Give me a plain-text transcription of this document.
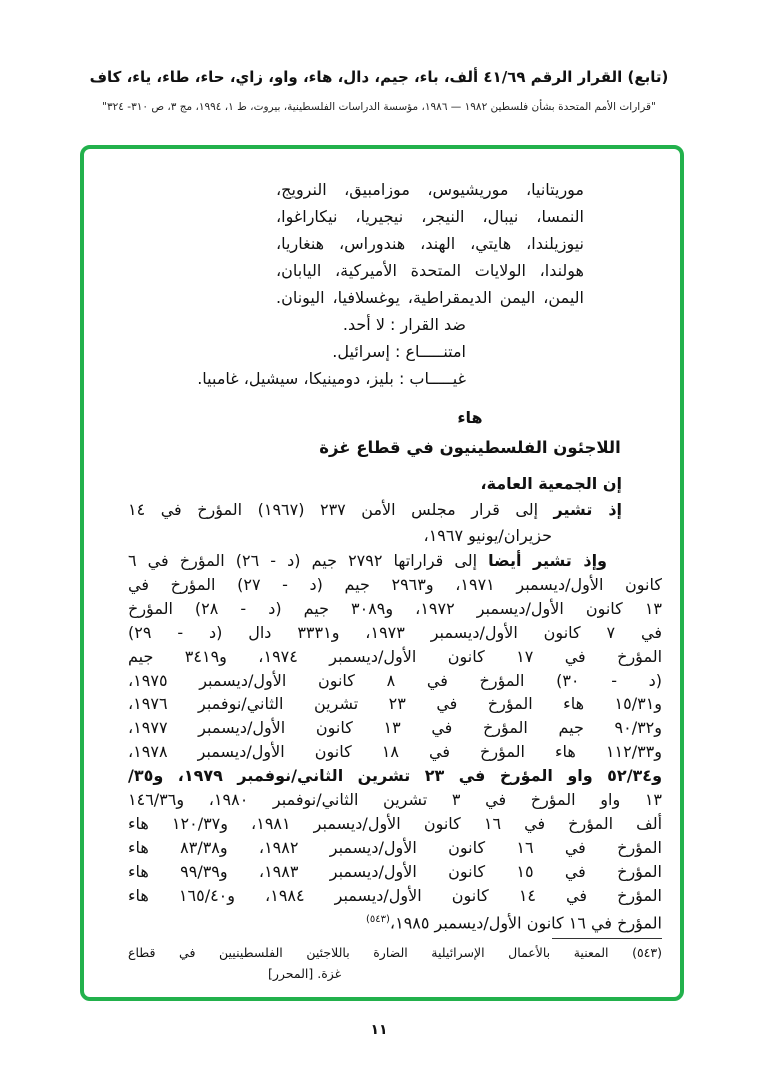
(تابع) القرار الرقم ٤١/٦٩ ألف، باء، جيم، دال، هاء، واو، زاي، حاء، طاء، ياء، كاف
"قرارات الأمم المتحدة بشأن فلسطين ١٩٨٢ — ١٩٨٦، مؤسسة الدراسات الفلسطينية، بيروت، ط ١، ١٩٩٤، مج ٣، ص ٣١٠- ٣٢٤"
موريتانيا، موريشيوس، موزامبيق، النرويج،
النمسا، نيبال، النيجر، نيجيريا، نيكاراغوا،
نيوزيلندا، هايتي، الهند، هندوراس، هنغاريا،
هولندا، الولايات المتحدة الأميركية، اليابان،
اليمن، اليمن الديمقراطية، يوغسلافيا، اليونان.
ضد القرار : لا أحد.
امتنـــــاع : إسرائيل.
غيـــــاب : بليز، دومينيكا، سيشيل، غامبيا.
هاء
اللاجئون الفلسطينيون في قطاع غزة
إن الجمعية العامة،
إذ تشير إلى قرار مجلس الأمن ٢٣٧ (١٩٦٧) المؤرخ في ١٤
حزيران/يونيو ١٩٦٧،
وإذ تشير أيضا إلى قراراتها ٢٧٩٢ جيم (د - ٢٦) المؤرخ في ٦
كانون الأول/ديسمبر ١٩٧١، و٢٩٦٣ جيم (د - ٢٧) المؤرخ في
١٣ كانون الأول/ديسمبر ١٩٧٢، و٣٠٨٩ جيم (د - ٢٨) المؤرخ
في ٧ كانون الأول/ديسمبر ١٩٧٣، و٣٣٣١ دال (د - ٢٩)
المؤرخ في ١٧ كانون الأول/ديسمبر ١٩٧٤، و٣٤١٩ جيم
(د - ٣٠) المؤرخ في ٨ كانون الأول/ديسمبر ١٩٧٥،
و١٥/٣١ هاء المؤرخ في ٢٣ تشرين الثاني/نوفمبر ١٩٧٦،
و٩٠/٣٢ جيم المؤرخ في ١٣ كانون الأول/ديسمبر ١٩٧٧،
و١١٢/٣٣ هاء المؤرخ في ١٨ كانون الأول/ديسمبر ١٩٧٨،
و٥٢/٣٤ واو المؤرخ في ٢٣ تشرين الثاني/نوفمبر ١٩٧٩، و٣٥/
١٣ واو المؤرخ في ٣ تشرين الثاني/نوفمبر ١٩٨٠، و١٤٦/٣٦
ألف المؤرخ في ١٦ كانون الأول/ديسمبر ١٩٨١، و١٢٠/٣٧ هاء
المؤرخ في ١٦ كانون الأول/ديسمبر ١٩٨٢، و٨٣/٣٨ هاء
المؤرخ في ١٥ كانون الأول/ديسمبر ١٩٨٣، و٩٩/٣٩ هاء
المؤرخ في ١٤ كانون الأول/ديسمبر ١٩٨٤، و١٦٥/٤٠ هاء
المؤرخ في ١٦ كانون الأول/ديسمبر ١٩٨٥،$^{(٥٤٣)}$
(٥٤٣) المعنية بالأعمال الإسرائيلية الضارة باللاجئين الفلسطينيين في قطاع
غزة. [المحرر]
١١
